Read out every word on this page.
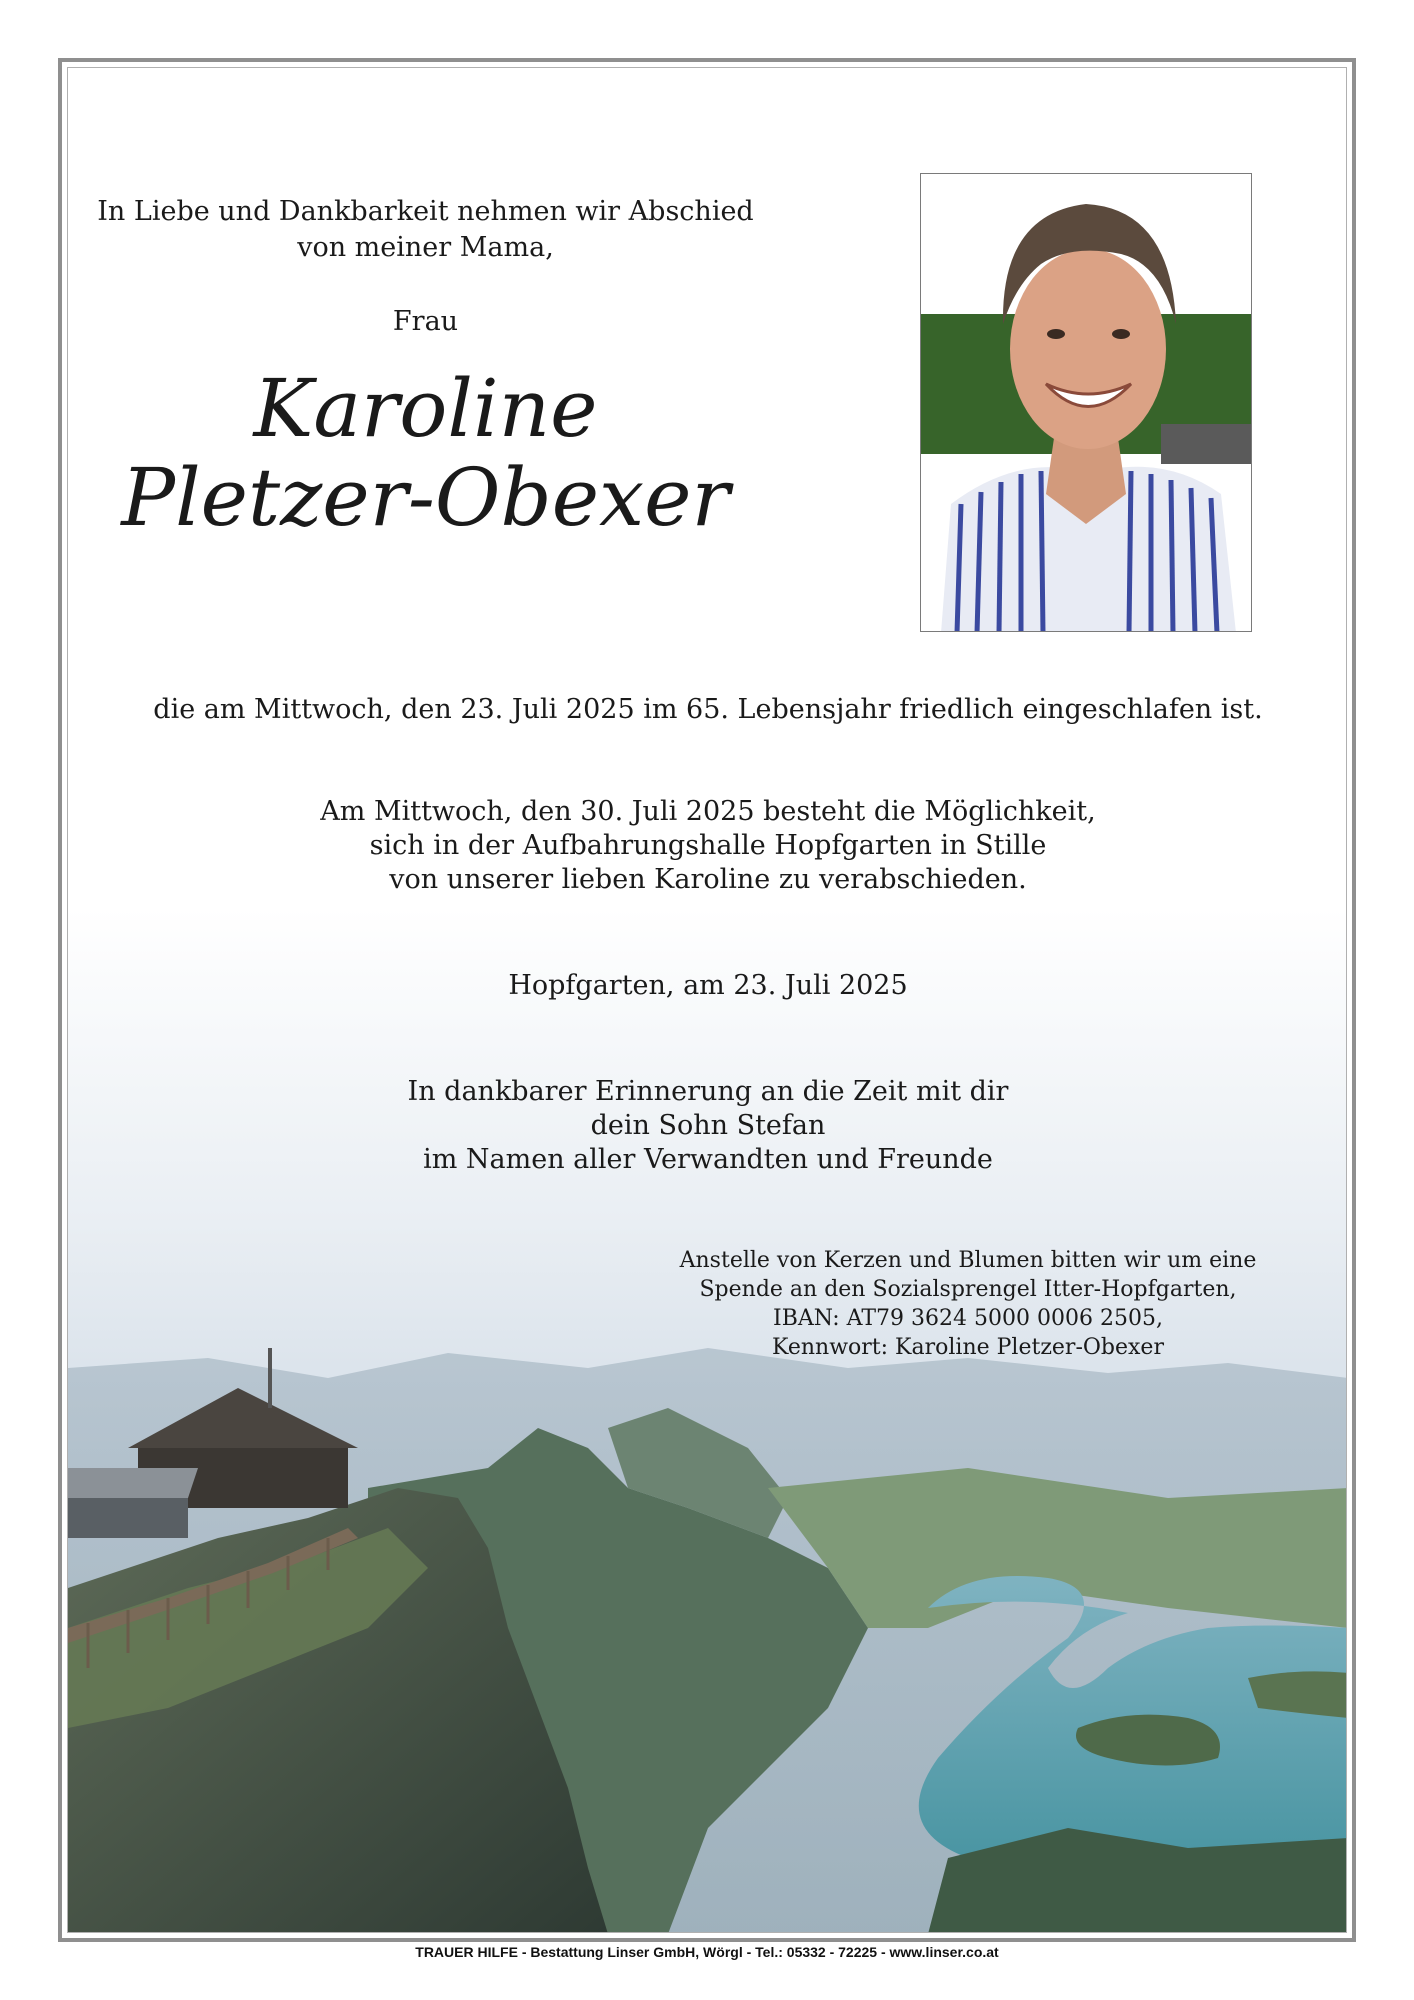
In Liebe und Dankbarkeit nehmen wir Abschied
von meiner Mama,
Frau
Karoline
Pletzer-Obexer
die am Mittwoch, den 23. Juli 2025 im 65. Lebensjahr friedlich eingeschlafen ist.
Am Mittwoch, den 30. Juli 2025 besteht die Möglichkeit,
sich in der Aufbahrungshalle Hopfgarten in Stille
von unserer lieben Karoline zu verabschieden.
Hopfgarten, am 23. Juli 2025
In dankbarer Erinnerung an die Zeit mit dir
dein Sohn Stefan
im Namen aller Verwandten und Freunde
Anstelle von Kerzen und Blumen bitten wir um eine
Spende an den Sozialsprengel Itter-Hopfgarten,
IBAN: AT79 3624 5000 0006 2505,
Kennwort: Karoline Pletzer-Obexer
TRAUER HILFE - Bestattung Linser GmbH, Wörgl - Tel.: 05332 - 72225 - www.linser.co.at
